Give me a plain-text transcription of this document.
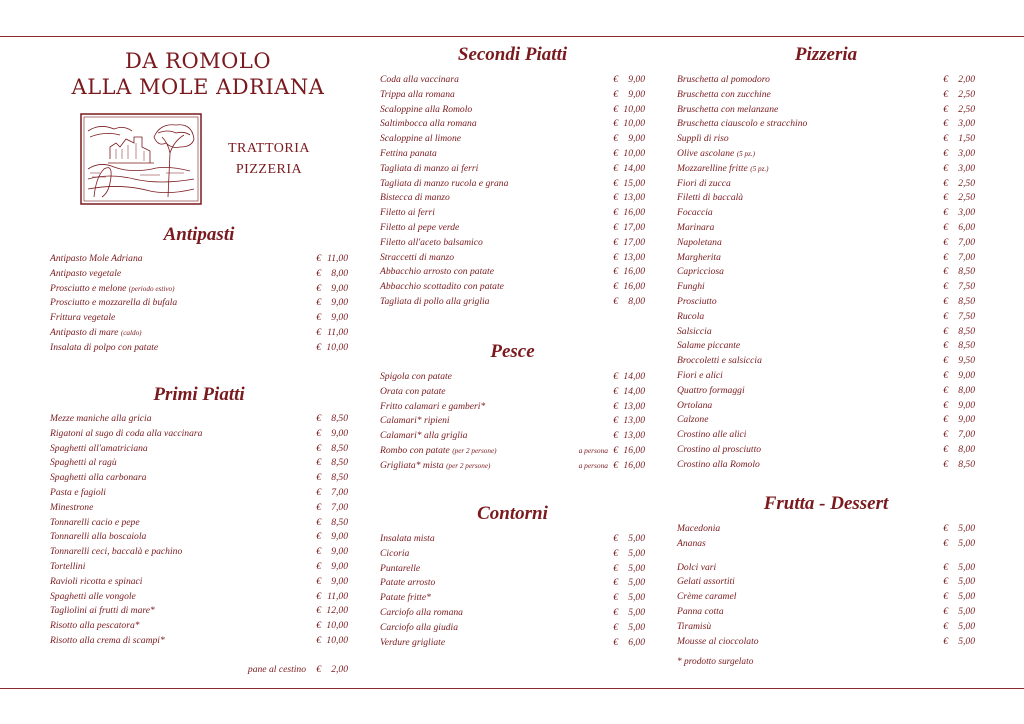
DA ROMOLO
ALLA MOLE ADRIANA
TRATTORIA
PIZZERIA
Antipasti
Antipasto Mole Adriana	€ 11,00
Antipasto vegetale	€ 8,00
Prosciutto e melone (periodo estivo)	€ 9,00
Prosciutto e mozzarella di bufala	€ 9,00
Frittura vegetale	€ 9,00
Antipasto di mare (caldo)	€ 11,00
Insalata di polpo con patate	€ 10,00
Primi Piatti
Mezze maniche alla gricia	€ 8,50
Rigatoni al sugo di coda alla vaccinara	€ 9,00
Spaghetti all'amatriciana	€ 8,50
Spaghetti al ragù	€ 8,50
Spaghetti alla carbonara	€ 8,50
Pasta e fagioli	€ 7,00
Minestrone	€ 7,00
Tonnarelli cacio e pepe	€ 8,50
Tonnarelli alla boscaiola	€ 9,00
Tonnarelli ceci, baccalà e pachino	€ 9,00
Tortellini	€ 9,00
Ravioli ricotta e spinaci	€ 9,00
Spaghetti alle vongole	€ 11,00
Tagliolini ai frutti di mare*	€ 12,00
Risotto alla pescatora*	€ 10,00
Risotto alla crema di scampi*	€ 10,00
pane al cestino € 2,00
Secondi Piatti
Coda alla vaccinara	€ 9,00
Trippa alla romana	€ 9,00
Scaloppine alla Romolo	€ 10,00
Saltimbocca alla romana	€ 10,00
Scaloppine al limone	€ 9,00
Fettina panata	€ 10,00
Tagliata di manzo ai ferri	€ 14,00
Tagliata di manzo rucola e grana	€ 15,00
Bistecca di manzo	€ 13,00
Filetto ai ferri	€ 16,00
Filetto al pepe verde	€ 17,00
Filetto all'aceto balsamico	€ 17,00
Straccetti di manzo	€ 13,00
Abbacchio arrosto con patate	€ 16,00
Abbacchio scottadito con patate	€ 16,00
Tagliata di pollo alla griglia	€ 8,00
Pesce
Spigola con patate	€ 14,00
Orata con patate	€ 14,00
Fritto calamari e gamberi*	€ 13,00
Calamari* ripieni	€ 13,00
Calamari* alla griglia	€ 13,00
Rombo con patate (per 2 persone)	a persona € 16,00
Grigliata* mista (per 2 persone)	a persona € 16,00
Contorni
Insalata mista	€ 5,00
Cicoria	€ 5,00
Puntarelle	€ 5,00
Patate arrosto	€ 5,00
Patate fritte*	€ 5,00
Carciofo alla romana	€ 5,00
Carciofo alla giudia	€ 5,00
Verdure grigliate	€ 6,00
Pizzeria
Bruschetta al pomodoro	€ 2,00
Bruschetta con zucchine	€ 2,50
Bruschetta con melanzane	€ 2,50
Bruschetta ciauscolo e stracchino	€ 3,00
Supplì di riso	€ 1,50
Olive ascolane (5 pz.)	€ 3,00
Mozzarelline fritte (5 pz.)	€ 3,00
Fiori di zucca	€ 2,50
Filetti di baccalà	€ 2,50
Focaccia	€ 3,00
Marinara	€ 6,00
Napoletana	€ 7,00
Margherita	€ 7,00
Capricciosa	€ 8,50
Funghi	€ 7,50
Prosciutto	€ 8,50
Rucola	€ 7,50
Salsiccia	€ 8,50
Salame piccante	€ 8,50
Broccoletti e salsiccia	€ 9,50
Fiori e alici	€ 9,00
Quattro formaggi	€ 8,00
Ortolana	€ 9,00
Calzone	€ 9,00
Crostino alle alici	€ 7,00
Crostino al prosciutto	€ 8,00
Crostino alla Romolo	€ 8,50
Frutta - Dessert
Macedonia	€ 5,00
Ananas	€ 5,00
Dolci vari	€ 5,00
Gelati assortiti	€ 5,00
Crème caramel	€ 5,00
Panna cotta	€ 5,00
Tiramisù	€ 5,00
Mousse al cioccolato	€ 5,00
* prodotto surgelato
